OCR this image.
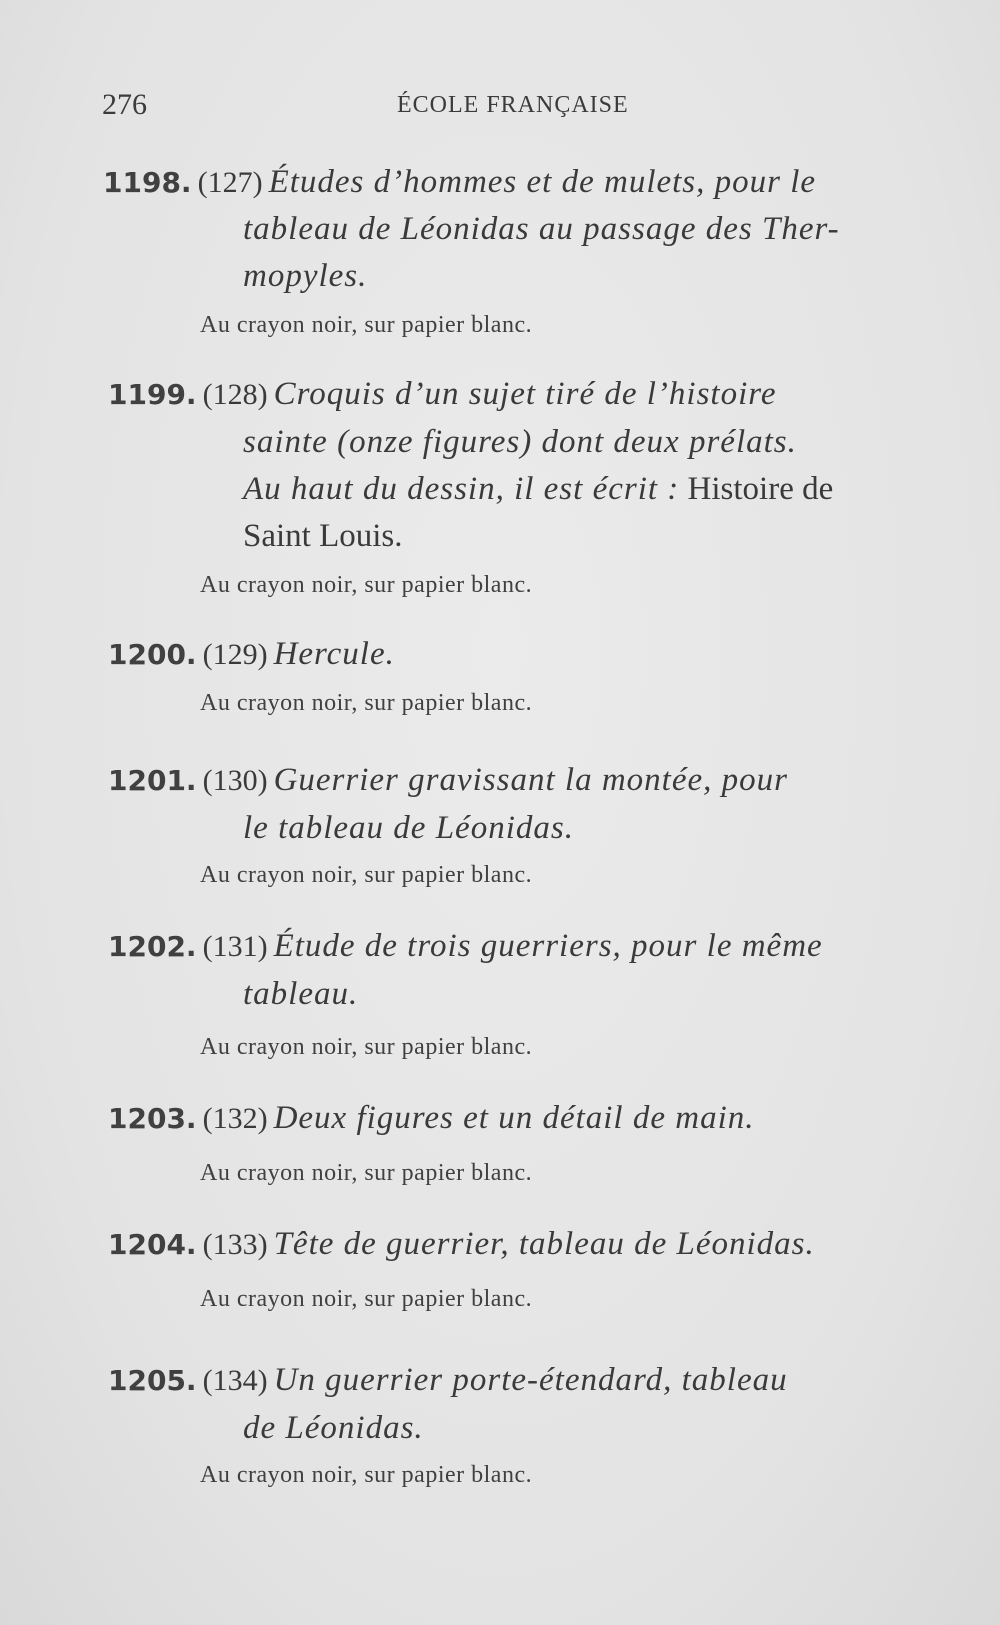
276	ÉCOLE FRANÇAISE
1198. (127) Études d’hommes et de mulets, pour le
tableau de Léonidas au passage des Ther-
mopyles.
Au crayon noir, sur papier blanc.
1199. (128) Croquis d’un sujet tiré de l’histoire
sainte (onze figures) dont deux prélats.
Au haut du dessin, il est écrit : Histoire de
Saint Louis.
Au crayon noir, sur papier blanc.
1200. (129) Hercule.
Au crayon noir, sur papier blanc.
1201. (130) Guerrier gravissant la montée, pour
le tableau de Léonidas.
Au crayon noir, sur papier blanc.
1202. (131) Étude de trois guerriers, pour le même
tableau.
Au crayon noir, sur papier blanc.
1203. (132) Deux figures et un détail de main.
Au crayon noir, sur papier blanc.
1204. (133) Tête de guerrier, tableau de Léonidas.
Au crayon noir, sur papier blanc.
1205. (134) Un guerrier porte-étendard, tableau
de Léonidas.
Au crayon noir, sur papier blanc.
